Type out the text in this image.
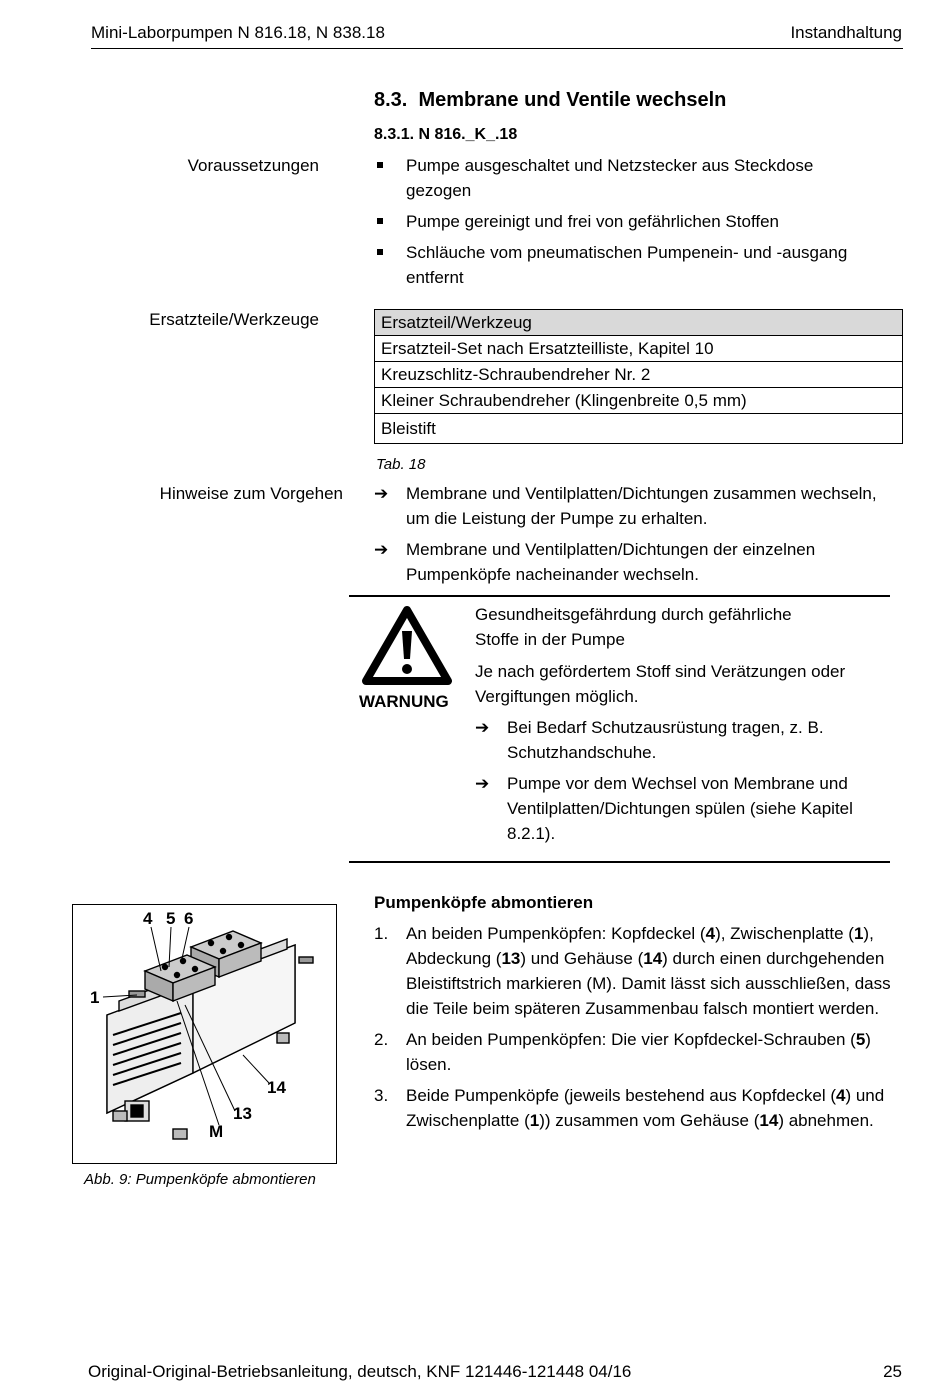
Mini-Laborpumpen N 816.18, N 838.18	Instandhaltung
8.3. Membrane und Ventile wechseln
8.3.1. N 816._K_.18
Voraussetzungen	Pumpe ausgeschaltet und Netzstecker aus Steckdose gezogen
Pumpe gereinigt und frei von gefährlichen Stoffen
Schläuche vom pneumatischen Pumpenein- und -ausgang entfernt
Ersatzteile/Werkzeuge	Ersatzteil/Werkzeug
Ersatzteil-Set nach Ersatzteilliste, Kapitel 10
Kreuzschlitz-Schraubendreher Nr. 2
Kleiner Schraubendreher (Klingenbreite 0,5 mm)
Bleistift
Tab. 18
Hinweise zum Vorgehen ➔	Membrane und Ventilplatten/Dichtungen zusammen wechseln, um die Leistung der Pumpe zu erhalten.
➔	Membrane und Ventilplatten/Dichtungen der einzelnen Pumpenköpfe nacheinander wechseln.
WARNUNG
Gesundheitsgefährdung durch gefährliche Stoffe in der Pumpe
Je nach gefördertem Stoff sind Verätzungen oder Vergiftungen möglich.
➔	Bei Bedarf Schutzausrüstung tragen, z. B. Schutzhandschuhe.
➔	Pumpe vor dem Wechsel von Membrane und Ventilplatten/Dichtungen spülen (siehe Kapitel 8.2.1).
4 5 6
1
14
13
M
Abb. 9: Pumpenköpfe abmontieren
Pumpenköpfe abmontieren
1.	An beiden Pumpenköpfen: Kopfdeckel (4), Zwischenplatte (1), Abdeckung (13) und Gehäuse (14) durch einen durchgehenden Bleistiftstrich markieren (M). Damit lässt sich ausschließen, dass die Teile beim späteren Zusammenbau falsch montiert werden.
2.	An beiden Pumpenköpfen: Die vier Kopfdeckel-Schrauben (5) lösen.
3.	Beide Pumpenköpfe (jeweils bestehend aus Kopfdeckel (4) und Zwischenplatte (1)) zusammen vom Gehäuse (14) abnehmen.
Original-Original-Betriebsanleitung, deutsch, KNF 121446-121448 04/16	25
